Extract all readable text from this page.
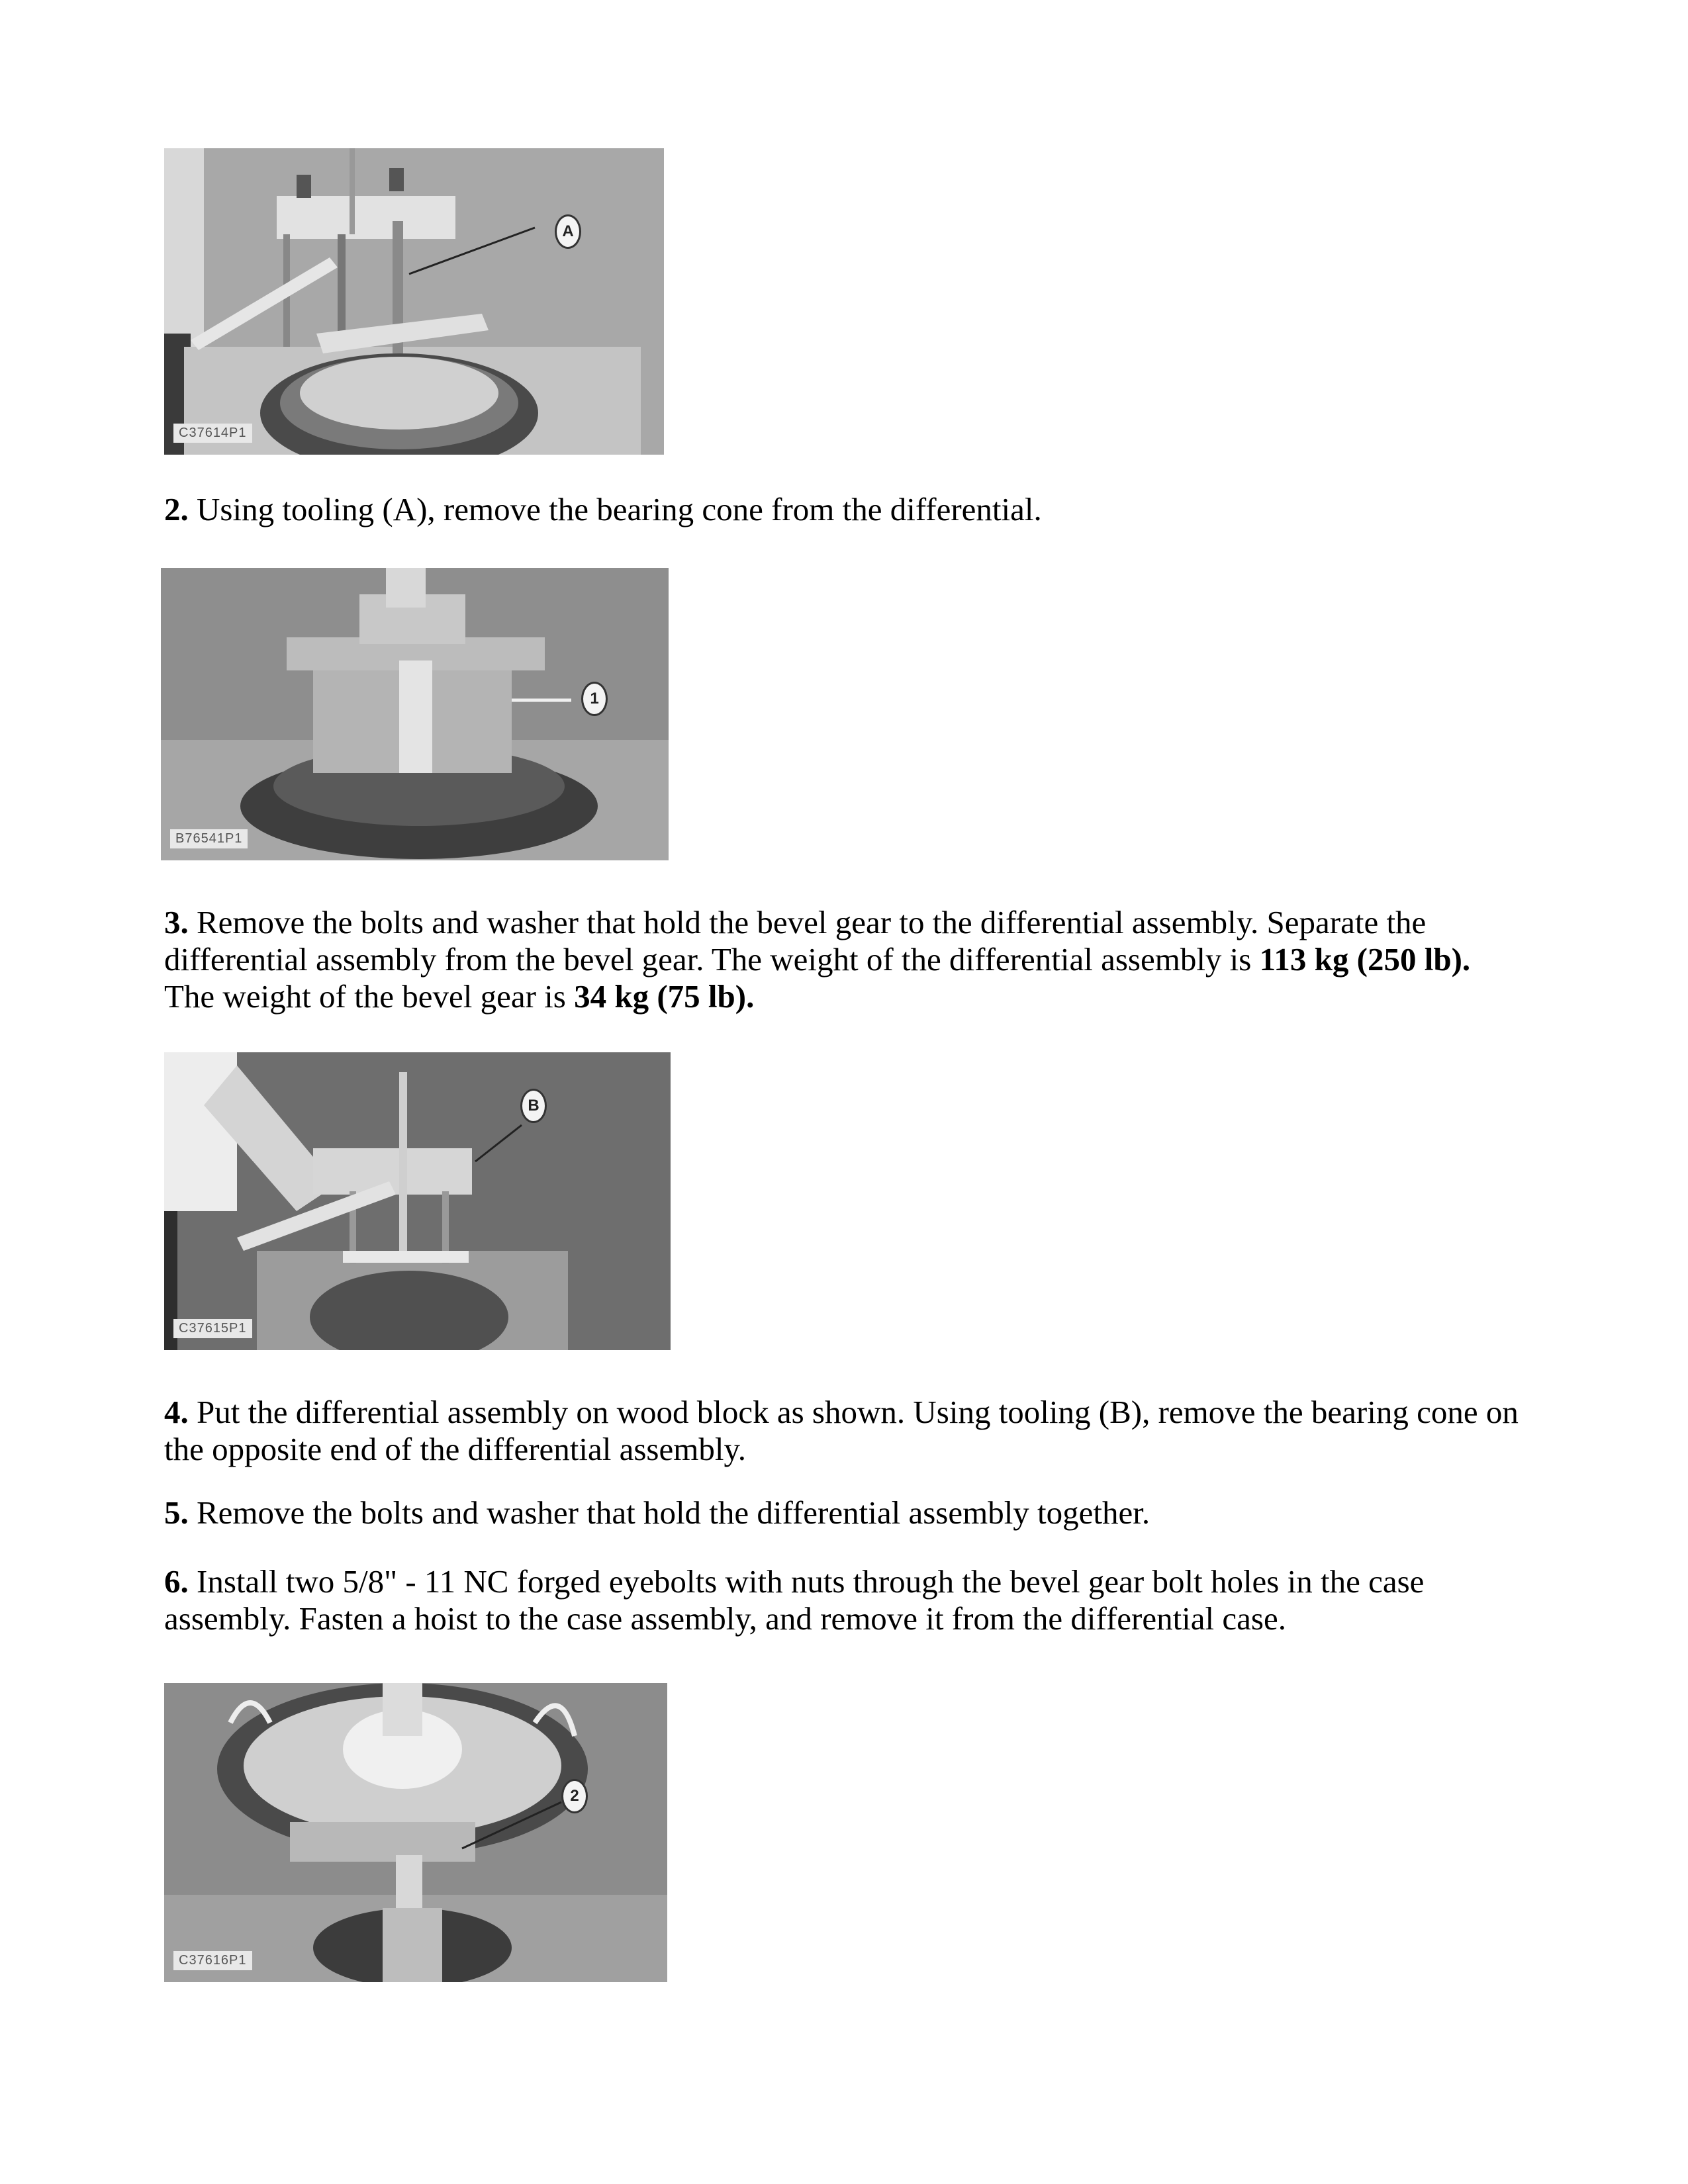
A
C37614P1

2. Using tooling (A), remove the bearing cone from the differential.

1
B76541P1

3. Remove the bolts and washer that hold the bevel gear to the differential assembly. Separate the differential assembly from the bevel gear. The weight of the differential assembly is 113 kg (250 lb). The weight of the bevel gear is 34 kg (75 lb).

B
C37615P1

4. Put the differential assembly on wood block as shown. Using tooling (B), remove the bearing cone on the opposite end of the differential assembly.

5. Remove the bolts and washer that hold the differential assembly together.

6. Install two 5/8" - 11 NC forged eyebolts with nuts through the bevel gear bolt holes in the case assembly. Fasten a hoist to the case assembly, and remove it from the differential case.

2
C37616P1
